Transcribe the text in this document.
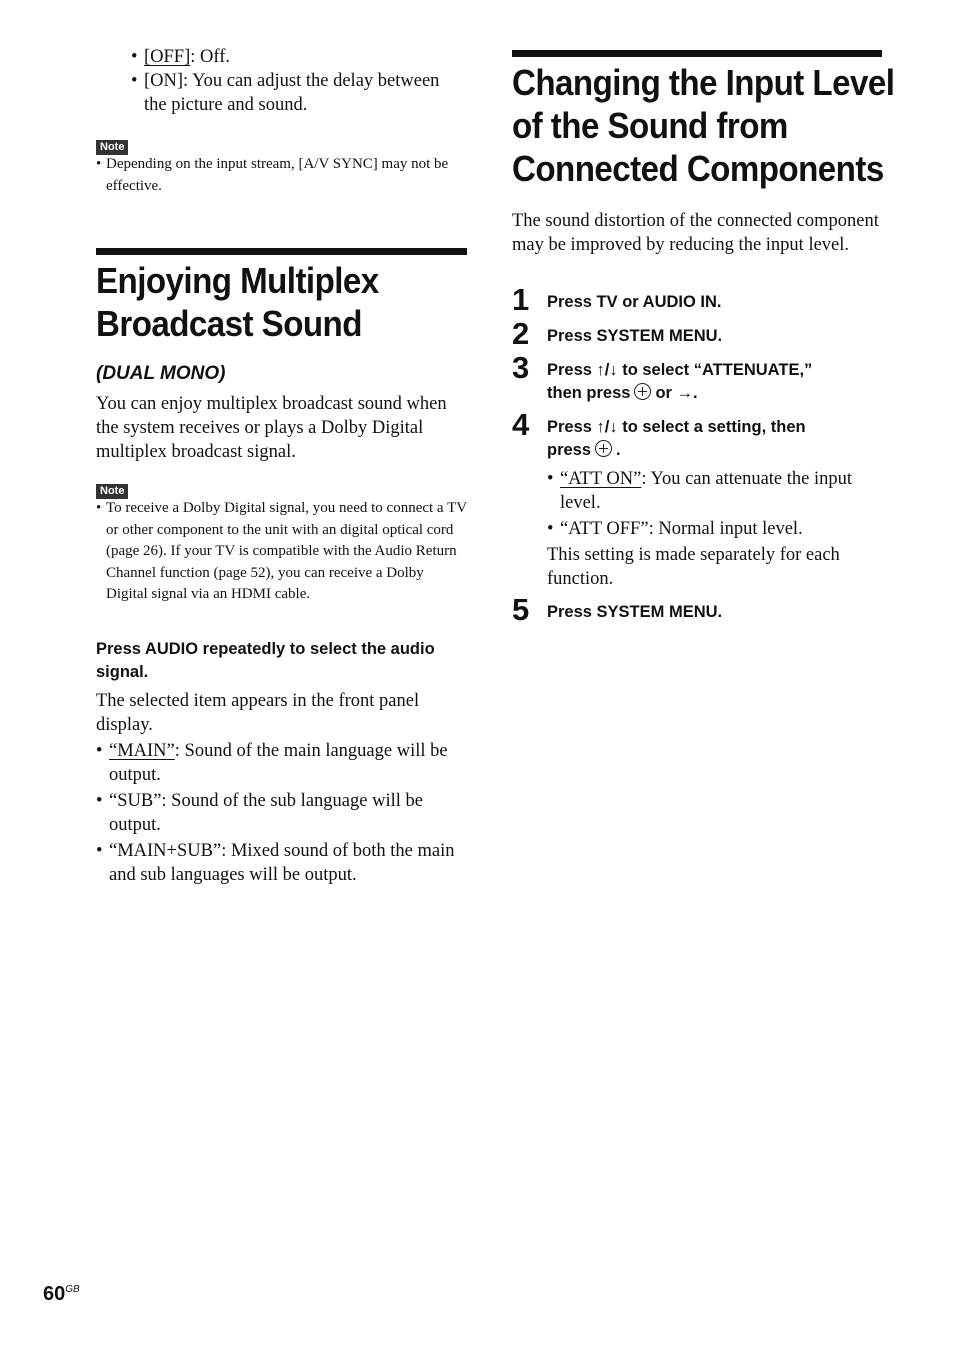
• [OFF]: Off.
• [ON]: You can adjust the delay between the picture and sound.
Note
• Depending on the input stream, [A/V SYNC] may not be effective.
Enjoying Multiplex
Broadcast Sound
(DUAL MONO)
You can enjoy multiplex broadcast sound when the system receives or plays a Dolby Digital multiplex broadcast signal.
Note
• To receive a Dolby Digital signal, you need to connect a TV or other component to the unit with an digital optical cord (page 26). If your TV is compatible with the Audio Return Channel function (page 52), you can receive a Dolby Digital signal via an HDMI cable.
Press AUDIO repeatedly to select the audio signal.
The selected item appears in the front panel display.
• “MAIN”: Sound of the main language will be output.
• “SUB”: Sound of the sub language will be output.
• “MAIN+SUB”: Mixed sound of both the main and sub languages will be output.
Changing the Input Level
of the Sound from
Connected Components
The sound distortion of the connected component may be improved by reducing the input level.
1 Press TV or AUDIO IN.
2 Press SYSTEM MENU.
3 Press ↑/↓ to select “ATTENUATE,”
then press or →.
4 Press ↑/↓ to select a setting, then
press .
• “ATT ON”: You can attenuate the input level.
• “ATT OFF”: Normal input level.
This setting is made separately for each function.
5 Press SYSTEM MENU.
$60^{GB}$
